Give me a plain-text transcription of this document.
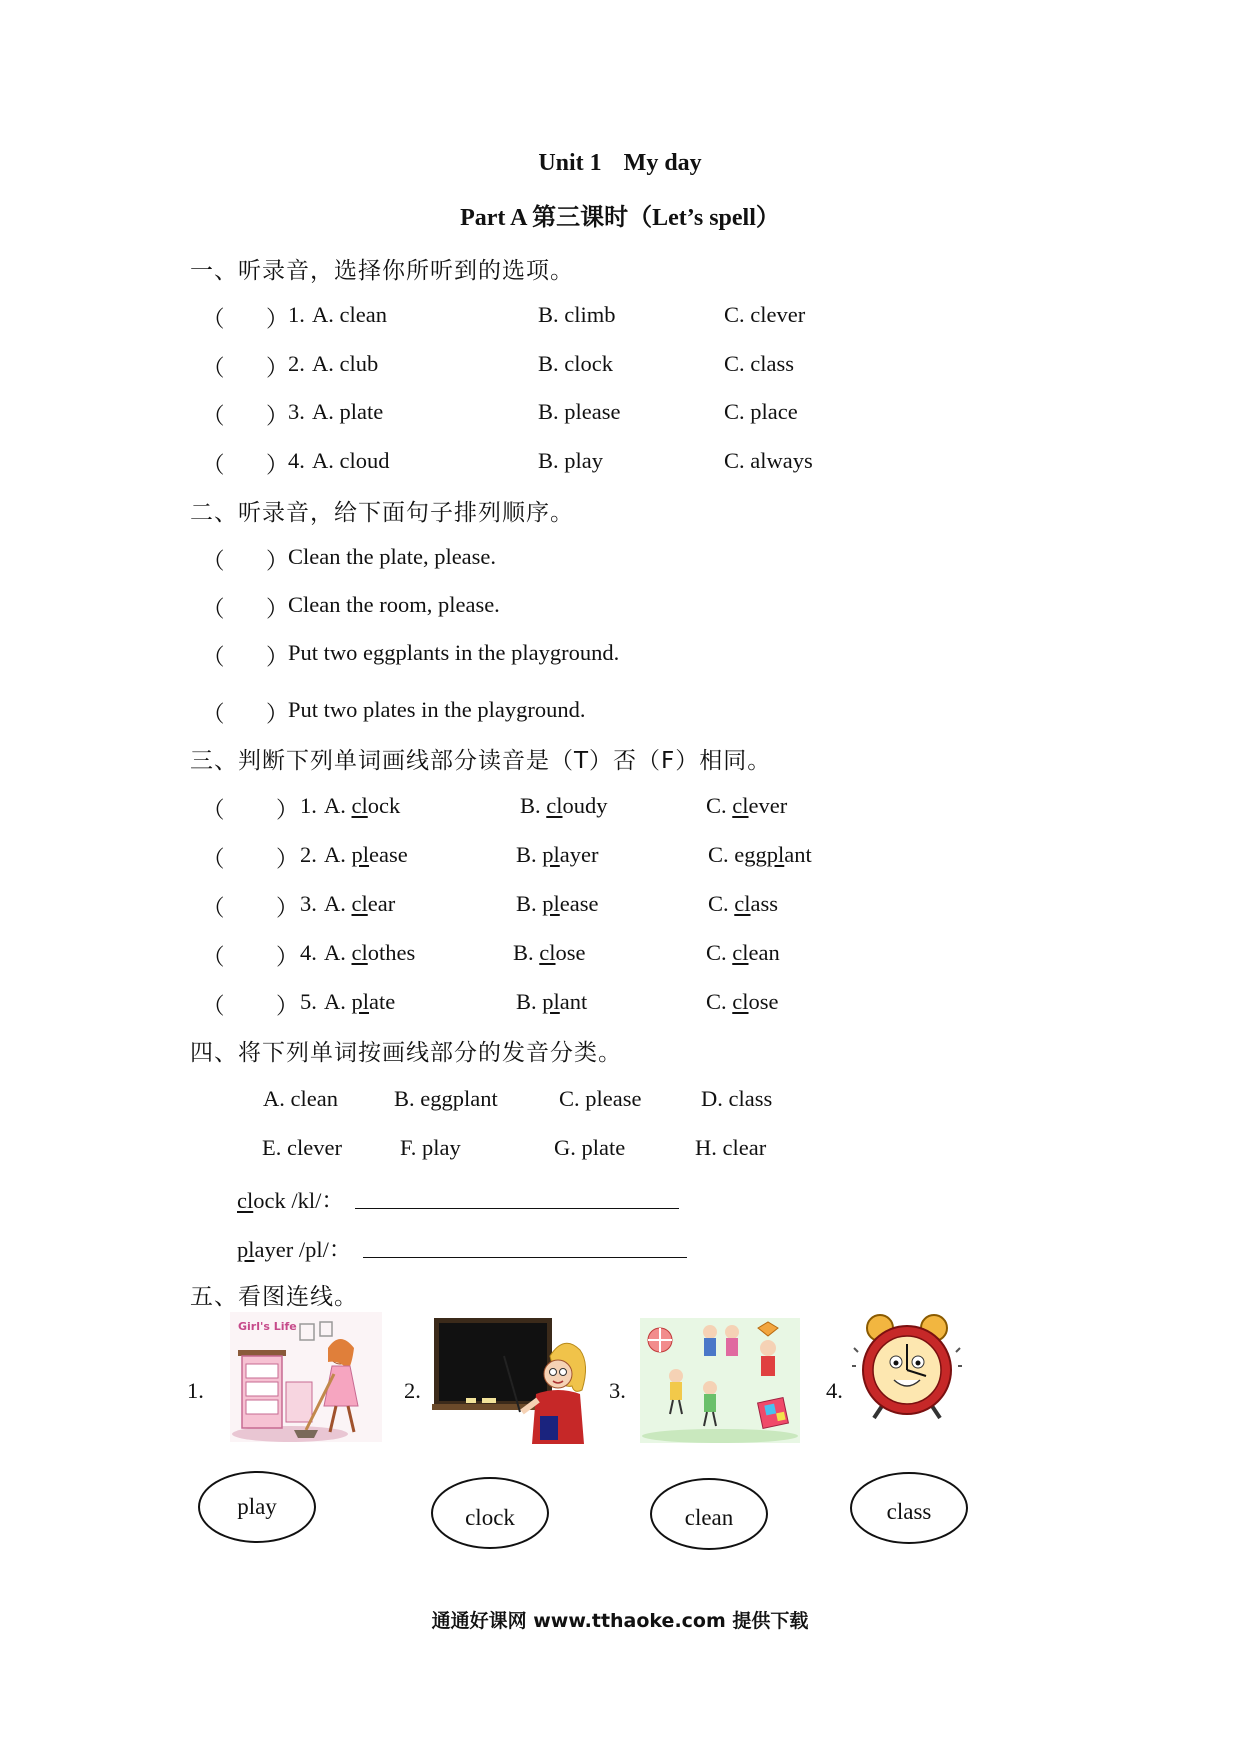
Unit 1 My day
Part A 第三课时（Let’s spell）
一、听录音，选择你所听到的选项。
（ ） 1. A. clean	B. climb	C. clever
（ ） 2. A. club	B. clock	C. class
（ ） 3. A. plate	B. please	C. place
（ ） 4. A. cloud	B. play	C. always
二、听录音，给下面句子排列顺序。
（ ） Clean the plate, please.
（ ） Clean the room, please.
（ ） Put two eggplants in the playground.
（ ） Put two plates in the playground.
三、判断下列单词画线部分读音是（T）否（F）相同。
（ ） 1. A. clock	B. cloudy	C. clever
（ ） 2. A. please	B. player	C. eggplant
（ ） 3. A. clear	B. please	C. class
（ ） 4. A. clothes	B. close	C. clean
（ ） 5. A. plate	B. plant	C. close
四、将下列单词按画线部分的发音分类。
A. clean B. eggplant	C. please	D. class
E. clever	F. play	G. plate	H. clear
clock /kl/：
player /pl/：
五、看图连线。
1.	2.	3.	4.
Girl's Life
play	clock	clean	class
通通好课网 www.tthaoke.com 提供下载
